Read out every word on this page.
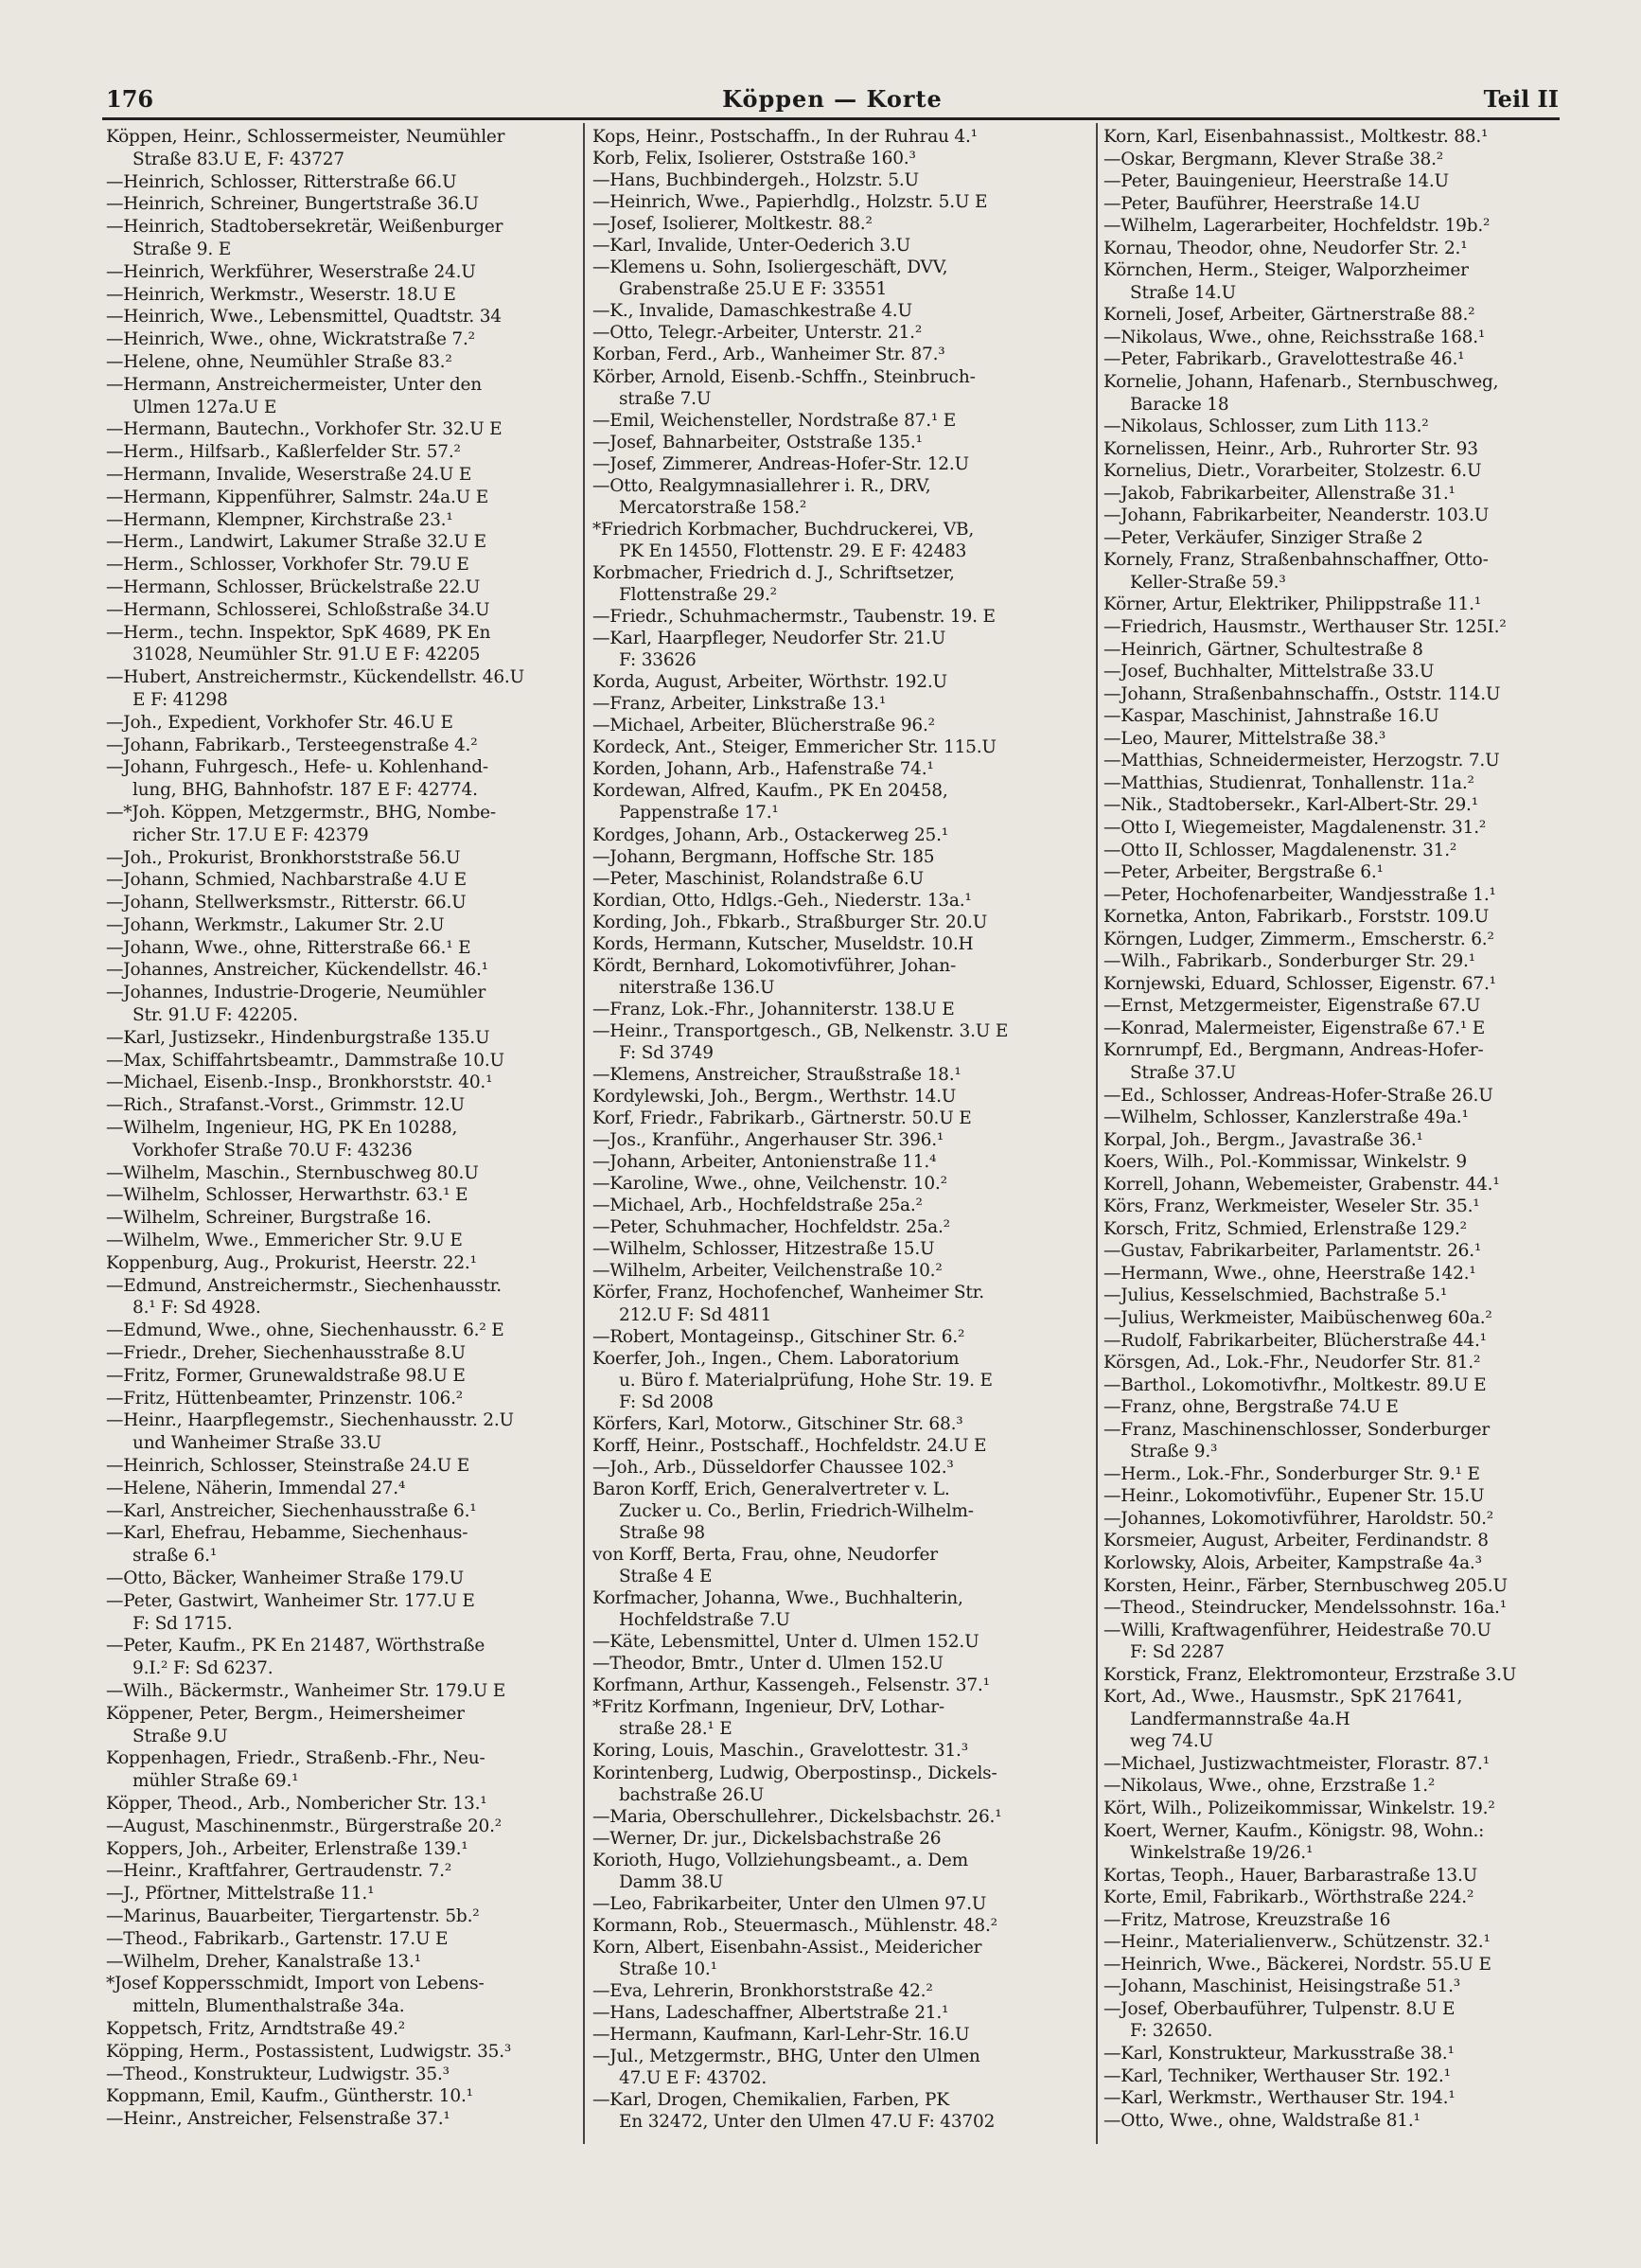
176	Köppen — Korte	Teil II
Köppen, Heinr., Schlossermeister, Neumühler
Straße 83.U E, F: 43727
—Heinrich, Schlosser, Ritterstraße 66.U
—Heinrich, Schreiner, Bungertstraße 36.U
—Heinrich, Stadtobersekretär, Weißenburger
Straße 9. E
—Heinrich, Werkführer, Weserstraße 24.U
—Heinrich, Werkmstr., Weserstr. 18.U E
—Heinrich, Wwe., Lebensmittel, Quadtstr. 34
—Heinrich, Wwe., ohne, Wickratstraße 7.²
—Helene, ohne, Neumühler Straße 83.²
—Hermann, Anstreichermeister, Unter den
Ulmen 127a.U E
—Hermann, Bautechn., Vorkhofer Str. 32.U E
—Herm., Hilfsarb., Kaßlerfelder Str. 57.²
—Hermann, Invalide, Weserstraße 24.U E
—Hermann, Kippenführer, Salmstr. 24a.U E
—Hermann, Klempner, Kirchstraße 23.¹
—Herm., Landwirt, Lakumer Straße 32.U E
—Herm., Schlosser, Vorkhofer Str. 79.U E
—Hermann, Schlosser, Brückelstraße 22.U
—Hermann, Schlosserei, Schloßstraße 34.U
—Herm., techn. Inspektor, SpK 4689, PK En
31028, Neumühler Str. 91.U E F: 42205
—Hubert, Anstreichermstr., Kückendellstr. 46.U
E F: 41298
—Joh., Expedient, Vorkhofer Str. 46.U E
—Johann, Fabrikarb., Tersteegenstraße 4.²
—Johann, Fuhrgesch., Hefe- u. Kohlenhand-
lung, BHG, Bahnhofstr. 187 E F: 42774.
—*Joh. Köppen, Metzgermstr., BHG, Nombe-
richer Str. 17.U E F: 42379
—Joh., Prokurist, Bronkhorststraße 56.U
—Johann, Schmied, Nachbarstraße 4.U E
—Johann, Stellwerksmstr., Ritterstr. 66.U
—Johann, Werkmstr., Lakumer Str. 2.U
—Johann, Wwe., ohne, Ritterstraße 66.¹ E
—Johannes, Anstreicher, Kückendellstr. 46.¹
—Johannes, Industrie-Drogerie, Neumühler
Str. 91.U F: 42205.
—Karl, Justizsekr., Hindenburgstraße 135.U
—Max, Schiffahrtsbeamtr., Dammstraße 10.U
—Michael, Eisenb.-Insp., Bronkhorststr. 40.¹
—Rich., Strafanst.-Vorst., Grimmstr. 12.U
—Wilhelm, Ingenieur, HG, PK En 10288,
Vorkhofer Straße 70.U F: 43236
—Wilhelm, Maschin., Sternbuschweg 80.U
—Wilhelm, Schlosser, Herwarthstr. 63.¹ E
—Wilhelm, Schreiner, Burgstraße 16.
—Wilhelm, Wwe., Emmericher Str. 9.U E
Koppenburg, Aug., Prokurist, Heerstr. 22.¹
—Edmund, Anstreichermstr., Siechenhausstr.
8.¹ F: Sd 4928.
—Edmund, Wwe., ohne, Siechenhausstr. 6.² E
—Friedr., Dreher, Siechenhausstraße 8.U
—Fritz, Former, Grunewaldstraße 98.U E
—Fritz, Hüttenbeamter, Prinzenstr. 106.²
—Heinr., Haarpflegemstr., Siechenhausstr. 2.U
und Wanheimer Straße 33.U
—Heinrich, Schlosser, Steinstraße 24.U E
—Helene, Näherin, Immendal 27.⁴
—Karl, Anstreicher, Siechenhausstraße 6.¹
—Karl, Ehefrau, Hebamme, Siechenhaus-
straße 6.¹
—Otto, Bäcker, Wanheimer Straße 179.U
—Peter, Gastwirt, Wanheimer Str. 177.U E
F: Sd 1715.
—Peter, Kaufm., PK En 21487, Wörthstraße
9.I.² F: Sd 6237.
—Wilh., Bäckermstr., Wanheimer Str. 179.U E
Köppener, Peter, Bergm., Heimersheimer
Straße 9.U
Koppenhagen, Friedr., Straßenb.-Fhr., Neu-
mühler Straße 69.¹
Köpper, Theod., Arb., Nombericher Str. 13.¹
—August, Maschinenmstr., Bürgerstraße 20.²
Koppers, Joh., Arbeiter, Erlenstraße 139.¹
—Heinr., Kraftfahrer, Gertraudenstr. 7.²
—J., Pförtner, Mittelstraße 11.¹
—Marinus, Bauarbeiter, Tiergartenstr. 5b.²
—Theod., Fabrikarb., Gartenstr. 17.U E
—Wilhelm, Dreher, Kanalstraße 13.¹
*Josef Koppersschmidt, Import von Lebens-
mitteln, Blumenthalstraße 34a.
Koppetsch, Fritz, Arndtstraße 49.²
Köpping, Herm., Postassistent, Ludwigstr. 35.³
—Theod., Konstrukteur, Ludwigstr. 35.³
Koppmann, Emil, Kaufm., Güntherstr. 10.¹
—Heinr., Anstreicher, Felsenstraße 37.¹
Kops, Heinr., Postschaffn., In der Ruhrau 4.¹
Korb, Felix, Isolierer, Oststraße 160.³
—Hans, Buchbindergeh., Holzstr. 5.U
—Heinrich, Wwe., Papierhdlg., Holzstr. 5.U E
—Josef, Isolierer, Moltkestr. 88.²
—Karl, Invalide, Unter-Oederich 3.U
—Klemens u. Sohn, Isoliergeschäft, DVV,
Grabenstraße 25.U E F: 33551
—K., Invalide, Damaschkestraße 4.U
—Otto, Telegr.-Arbeiter, Unterstr. 21.²
Korban, Ferd., Arb., Wanheimer Str. 87.³
Körber, Arnold, Eisenb.-Schffn., Steinbruch-
straße 7.U
—Emil, Weichensteller, Nordstraße 87.¹ E
—Josef, Bahnarbeiter, Oststraße 135.¹
—Josef, Zimmerer, Andreas-Hofer-Str. 12.U
—Otto, Realgymnasiallehrer i. R., DRV,
Mercatorstraße 158.²
*Friedrich Korbmacher, Buchdruckerei, VB,
PK En 14550, Flottenstr. 29. E F: 42483
Korbmacher, Friedrich d. J., Schriftsetzer,
Flottenstraße 29.²
—Friedr., Schuhmachermstr., Taubenstr. 19. E
—Karl, Haarpfleger, Neudorfer Str. 21.U
F: 33626
Korda, August, Arbeiter, Wörthstr. 192.U
—Franz, Arbeiter, Linkstraße 13.¹
—Michael, Arbeiter, Blücherstraße 96.²
Kordeck, Ant., Steiger, Emmericher Str. 115.U
Korden, Johann, Arb., Hafenstraße 74.¹
Kordewan, Alfred, Kaufm., PK En 20458,
Pappenstraße 17.¹
Kordges, Johann, Arb., Ostackerweg 25.¹
—Johann, Bergmann, Hoffsche Str. 185
—Peter, Maschinist, Rolandstraße 6.U
Kordian, Otto, Hdlgs.-Geh., Niederstr. 13a.¹
Kording, Joh., Fbkarb., Straßburger Str. 20.U
Kords, Hermann, Kutscher, Museldstr. 10.H
Kördt, Bernhard, Lokomotivführer, Johan-
niterstraße 136.U
—Franz, Lok.-Fhr., Johanniterstr. 138.U E
—Heinr., Transportgesch., GB, Nelkenstr. 3.U E
F: Sd 3749
—Klemens, Anstreicher, Straußstraße 18.¹
Kordylewski, Joh., Bergm., Werthstr. 14.U
Korf, Friedr., Fabrikarb., Gärtnerstr. 50.U E
—Jos., Kranführ., Angerhauser Str. 396.¹
—Johann, Arbeiter, Antonienstraße 11.⁴
—Karoline, Wwe., ohne, Veilchenstr. 10.²
—Michael, Arb., Hochfeldstraße 25a.²
—Peter, Schuhmacher, Hochfeldstr. 25a.²
—Wilhelm, Schlosser, Hitzestraße 15.U
—Wilhelm, Arbeiter, Veilchenstraße 10.²
Körfer, Franz, Hochofenchef, Wanheimer Str.
212.U F: Sd 4811
—Robert, Montageinsp., Gitschiner Str. 6.²
Koerfer, Joh., Ingen., Chem. Laboratorium
u. Büro f. Materialprüfung, Hohe Str. 19. E
F: Sd 2008
Körfers, Karl, Motorw., Gitschiner Str. 68.³
Korff, Heinr., Postschaff., Hochfeldstr. 24.U E
—Joh., Arb., Düsseldorfer Chaussee 102.³
Baron Korff, Erich, Generalvertreter v. L.
Zucker u. Co., Berlin, Friedrich-Wilhelm-
Straße 98
von Korff, Berta, Frau, ohne, Neudorfer
Straße 4 E
Korfmacher, Johanna, Wwe., Buchhalterin,
Hochfeldstraße 7.U
—Käte, Lebensmittel, Unter d. Ulmen 152.U
—Theodor, Bmtr., Unter d. Ulmen 152.U
Korfmann, Arthur, Kassengeh., Felsenstr. 37.¹
*Fritz Korfmann, Ingenieur, DrV, Lothar-
straße 28.¹ E
Koring, Louis, Maschin., Gravelottestr. 31.³
Korintenberg, Ludwig, Oberpostinsp., Dickels-
bachstraße 26.U
—Maria, Oberschullehrer., Dickelsbachstr. 26.¹
—Werner, Dr. jur., Dickelsbachstraße 26
Korioth, Hugo, Vollziehungsbeamt., a. Dem
Damm 38.U
—Leo, Fabrikarbeiter, Unter den Ulmen 97.U
Kormann, Rob., Steuermasch., Mühlenstr. 48.²
Korn, Albert, Eisenbahn-Assist., Meidericher
Straße 10.¹
—Eva, Lehrerin, Bronkhorststraße 42.²
—Hans, Ladeschaffner, Albertstraße 21.¹
—Hermann, Kaufmann, Karl-Lehr-Str. 16.U
—Jul., Metzgermstr., BHG, Unter den Ulmen
47.U E F: 43702.
—Karl, Drogen, Chemikalien, Farben, PK
En 32472, Unter den Ulmen 47.U F: 43702
Korn, Karl, Eisenbahnassist., Moltkestr. 88.¹
—Oskar, Bergmann, Klever Straße 38.²
—Peter, Bauingenieur, Heerstraße 14.U
—Peter, Bauführer, Heerstraße 14.U
—Wilhelm, Lagerarbeiter, Hochfeldstr. 19b.²
Kornau, Theodor, ohne, Neudorfer Str. 2.¹
Körnchen, Herm., Steiger, Walporzheimer
Straße 14.U
Korneli, Josef, Arbeiter, Gärtnerstraße 88.²
—Nikolaus, Wwe., ohne, Reichsstraße 168.¹
—Peter, Fabrikarb., Gravelottestraße 46.¹
Kornelie, Johann, Hafenarb., Sternbuschweg,
Baracke 18
—Nikolaus, Schlosser, zum Lith 113.²
Kornelissen, Heinr., Arb., Ruhrorter Str. 93
Kornelius, Dietr., Vorarbeiter, Stolzestr. 6.U
—Jakob, Fabrikarbeiter, Allenstraße 31.¹
—Johann, Fabrikarbeiter, Neanderstr. 103.U
—Peter, Verkäufer, Sinziger Straße 2
Kornely, Franz, Straßenbahnschaffner, Otto-
Keller-Straße 59.³
Körner, Artur, Elektriker, Philippstraße 11.¹
—Friedrich, Hausmstr., Werthauser Str. 125I.²
—Heinrich, Gärtner, Schultestraße 8
—Josef, Buchhalter, Mittelstraße 33.U
—Johann, Straßenbahnschaffn., Oststr. 114.U
—Kaspar, Maschinist, Jahnstraße 16.U
—Leo, Maurer, Mittelstraße 38.³
—Matthias, Schneidermeister, Herzogstr. 7.U
—Matthias, Studienrat, Tonhallenstr. 11a.²
—Nik., Stadtobersekr., Karl-Albert-Str. 29.¹
—Otto I, Wiegemeister, Magdalenenstr. 31.²
—Otto II, Schlosser, Magdalenenstr. 31.²
—Peter, Arbeiter, Bergstraße 6.¹
—Peter, Hochofenarbeiter, Wandjesstraße 1.¹
Kornetka, Anton, Fabrikarb., Forststr. 109.U
Körngen, Ludger, Zimmerm., Emscherstr. 6.²
—Wilh., Fabrikarb., Sonderburger Str. 29.¹
Kornjewski, Eduard, Schlosser, Eigenstr. 67.¹
—Ernst, Metzgermeister, Eigenstraße 67.U
—Konrad, Malermeister, Eigenstraße 67.¹ E
Kornrumpf, Ed., Bergmann, Andreas-Hofer-
Straße 37.U
—Ed., Schlosser, Andreas-Hofer-Straße 26.U
—Wilhelm, Schlosser, Kanzlerstraße 49a.¹
Korpal, Joh., Bergm., Javastraße 36.¹
Koers, Wilh., Pol.-Kommissar, Winkelstr. 9
Korrell, Johann, Webemeister, Grabenstr. 44.¹
Körs, Franz, Werkmeister, Weseler Str. 35.¹
Korsch, Fritz, Schmied, Erlenstraße 129.²
—Gustav, Fabrikarbeiter, Parlamentstr. 26.¹
—Hermann, Wwe., ohne, Heerstraße 142.¹
—Julius, Kesselschmied, Bachstraße 5.¹
—Julius, Werkmeister, Maibüschenweg 60a.²
—Rudolf, Fabrikarbeiter, Blücherstraße 44.¹
Körsgen, Ad., Lok.-Fhr., Neudorfer Str. 81.²
—Barthol., Lokomotivfhr., Moltkestr. 89.U E
—Franz, ohne, Bergstraße 74.U E
—Franz, Maschinenschlosser, Sonderburger
Straße 9.³
—Herm., Lok.-Fhr., Sonderburger Str. 9.¹ E
—Heinr., Lokomotivführ., Eupener Str. 15.U
—Johannes, Lokomotivführer, Haroldstr. 50.²
Korsmeier, August, Arbeiter, Ferdinandstr. 8
Korlowsky, Alois, Arbeiter, Kampstraße 4a.³
Korsten, Heinr., Färber, Sternbuschweg 205.U
—Theod., Steindrucker, Mendelssohnstr. 16a.¹
—Willi, Kraftwagenführer, Heidestraße 70.U
F: Sd 2287
Korstick, Franz, Elektromonteur, Erzstraße 3.U
Kort, Ad., Wwe., Hausmstr., SpK 217641,
Landfermannstraße 4a.H
weg 74.U
—Michael, Justizwachtmeister, Florastr. 87.¹
—Nikolaus, Wwe., ohne, Erzstraße 1.²
Kört, Wilh., Polizeikommissar, Winkelstr. 19.²
Koert, Werner, Kaufm., Königstr. 98, Wohn.:
Winkelstraße 19/26.¹
Kortas, Teoph., Hauer, Barbarastraße 13.U
Korte, Emil, Fabrikarb., Wörthstraße 224.²
—Fritz, Matrose, Kreuzstraße 16
—Heinr., Materialienverw., Schützenstr. 32.¹
—Heinrich, Wwe., Bäckerei, Nordstr. 55.U E
—Johann, Maschinist, Heisingstraße 51.³
—Josef, Oberbauführer, Tulpenstr. 8.U E
F: 32650.
—Karl, Konstrukteur, Markusstraße 38.¹
—Karl, Techniker, Werthauser Str. 192.¹
—Karl, Werkmstr., Werthauser Str. 194.¹
—Otto, Wwe., ohne, Waldstraße 81.¹
